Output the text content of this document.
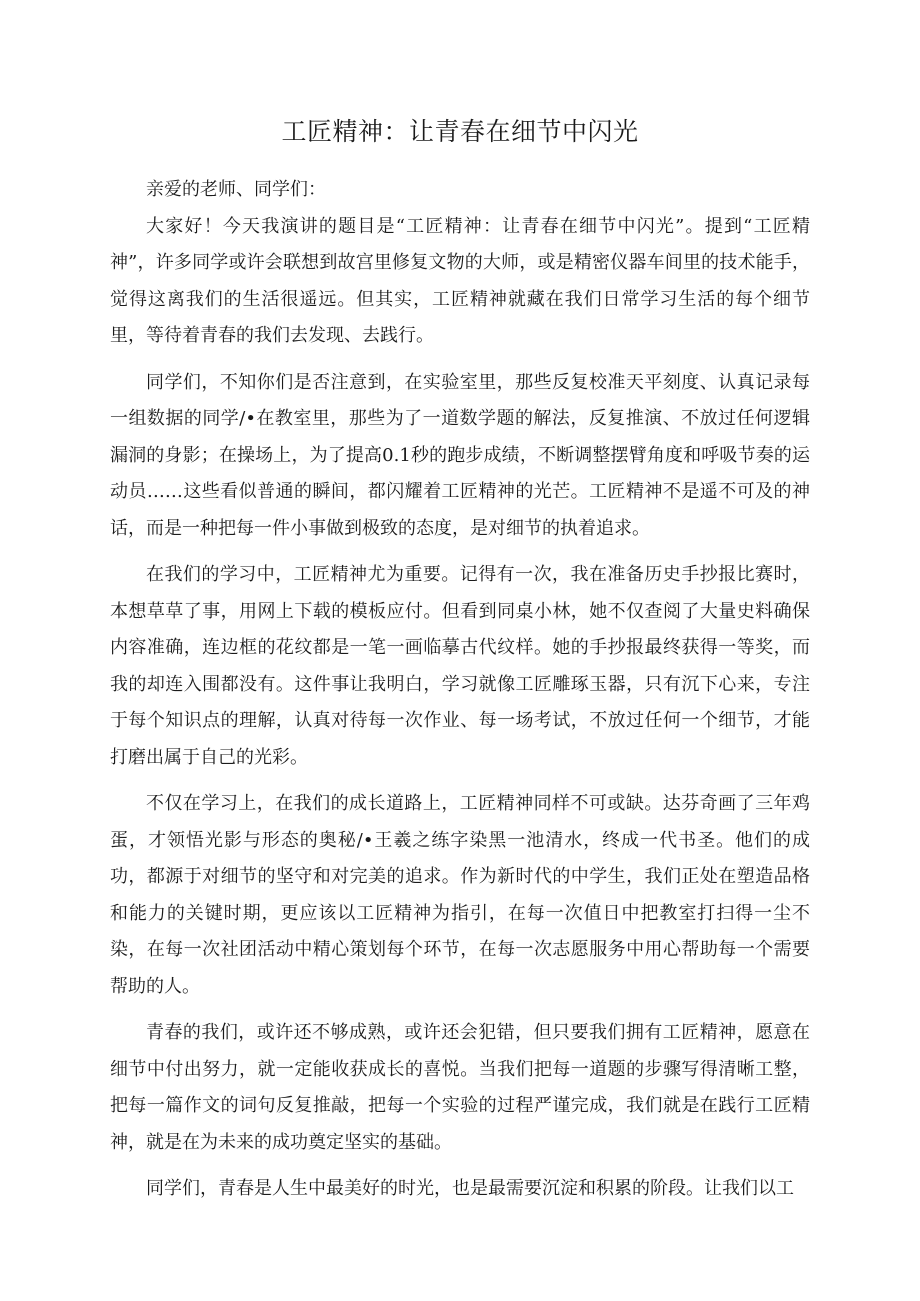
工匠精神：让青春在细节中闪光

亲爱的老师、同学们：

大家好！今天我演讲的题目是“工匠精神：让青春在细节中闪光”。提到“工匠精神”，许多同学或许会联想到故宫里修复文物的大师，或是精密仪器车间里的技术能手，觉得这离我们的生活很遥远。但其实，工匠精神就藏在我们日常学习生活的每个细节里，等待着青春的我们去发现、去践行。

同学们，不知你们是否注意到，在实验室里，那些反复校准天平刻度、认真记录每一组数据的同学/•在教室里，那些为了一道数学题的解法，反复推演、不放过任何逻辑漏洞的身影；在操场上，为了提高0.1秒的跑步成绩，不断调整摆臂角度和呼吸节奏的运动员……这些看似普通的瞬间，都闪耀着工匠精神的光芒。工匠精神不是遥不可及的神话，而是一种把每一件小事做到极致的态度，是对细节的执着追求。

在我们的学习中，工匠精神尤为重要。记得有一次，我在准备历史手抄报比赛时，本想草草了事，用网上下载的模板应付。但看到同桌小林，她不仅查阅了大量史料确保内容准确，连边框的花纹都是一笔一画临摹古代纹样。她的手抄报最终获得一等奖，而我的却连入围都没有。这件事让我明白，学习就像工匠雕琢玉器，只有沉下心来，专注于每个知识点的理解，认真对待每一次作业、每一场考试，不放过任何一个细节，才能打磨出属于自己的光彩。

不仅在学习上，在我们的成长道路上，工匠精神同样不可或缺。达芬奇画了三年鸡蛋，才领悟光影与形态的奥秘/•王羲之练字染黑一池清水，终成一代书圣。他们的成功，都源于对细节的坚守和对完美的追求。作为新时代的中学生，我们正处在塑造品格和能力的关键时期，更应该以工匠精神为指引，在每一次值日中把教室打扫得一尘不染，在每一次社团活动中精心策划每个环节，在每一次志愿服务中用心帮助每一个需要帮助的人。

青春的我们，或许还不够成熟，或许还会犯错，但只要我们拥有工匠精神，愿意在细节中付出努力，就一定能收获成长的喜悦。当我们把每一道题的步骤写得清晰工整，把每一篇作文的词句反复推敲，把每一个实验的过程严谨完成，我们就是在践行工匠精神，就是在为未来的成功奠定坚实的基础。

同学们，青春是人生中最美好的时光，也是最需要沉淀和积累的阶段。让我们以工
